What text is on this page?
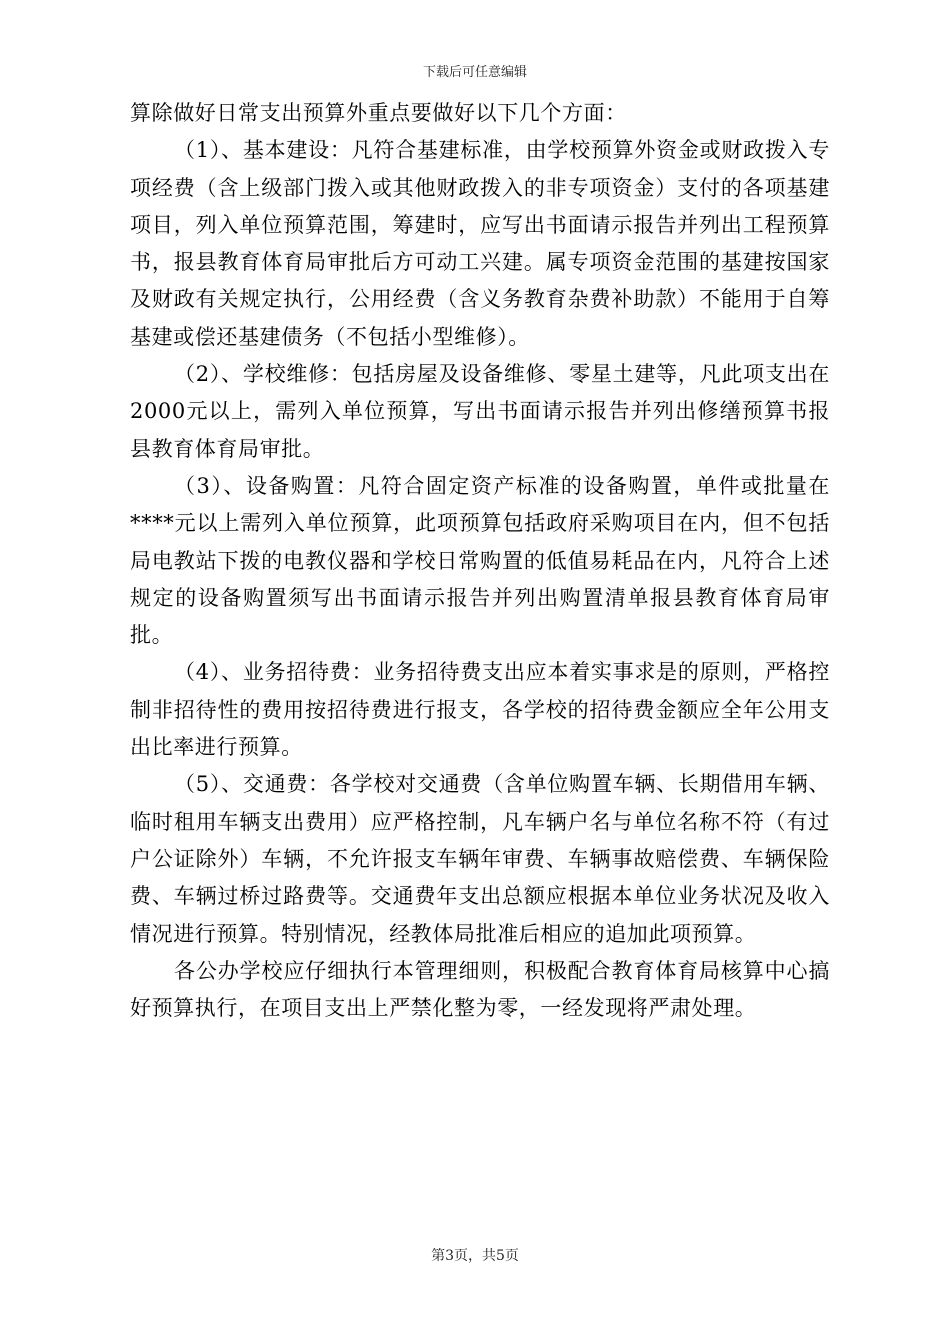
下载后可任意编辑

算除做好日常支出预算外重点要做好以下几个方面：

（1）、基本建设：凡符合基建标准，由学校预算外资金或财政拨入专项经费（含上级部门拨入或其他财政拨入的非专项资金）支付的各项基建项目，列入单位预算范围，筹建时，应写出书面请示报告并列出工程预算书，报县教育体育局审批后方可动工兴建。属专项资金范围的基建按国家及财政有关规定执行，公用经费（含义务教育杂费补助款）不能用于自筹基建或偿还基建债务（不包括小型维修）。

（2）、学校维修：包括房屋及设备维修、零星土建等，凡此项支出在2000元以上，需列入单位预算，写出书面请示报告并列出修缮预算书报县教育体育局审批。

（3）、设备购置：凡符合固定资产标准的设备购置，单件或批量在****元以上需列入单位预算，此项预算包括政府采购项目在内，但不包括局电教站下拨的电教仪器和学校日常购置的低值易耗品在内，凡符合上述规定的设备购置须写出书面请示报告并列出购置清单报县教育体育局审批。

（4）、业务招待费：业务招待费支出应本着实事求是的原则，严格控制非招待性的费用按招待费进行报支，各学校的招待费金额应全年公用支出比率进行预算。

（5）、交通费：各学校对交通费（含单位购置车辆、长期借用车辆、临时租用车辆支出费用）应严格控制，凡车辆户名与单位名称不符（有过户公证除外）车辆，不允许报支车辆年审费、车辆事故赔偿费、车辆保险费、车辆过桥过路费等。交通费年支出总额应根据本单位业务状况及收入情况进行预算。特别情况，经教体局批准后相应的追加此项预算。

各公办学校应仔细执行本管理细则，积极配合教育体育局核算中心搞好预算执行，在项目支出上严禁化整为零，一经发现将严肃处理。

第3页，共5页
